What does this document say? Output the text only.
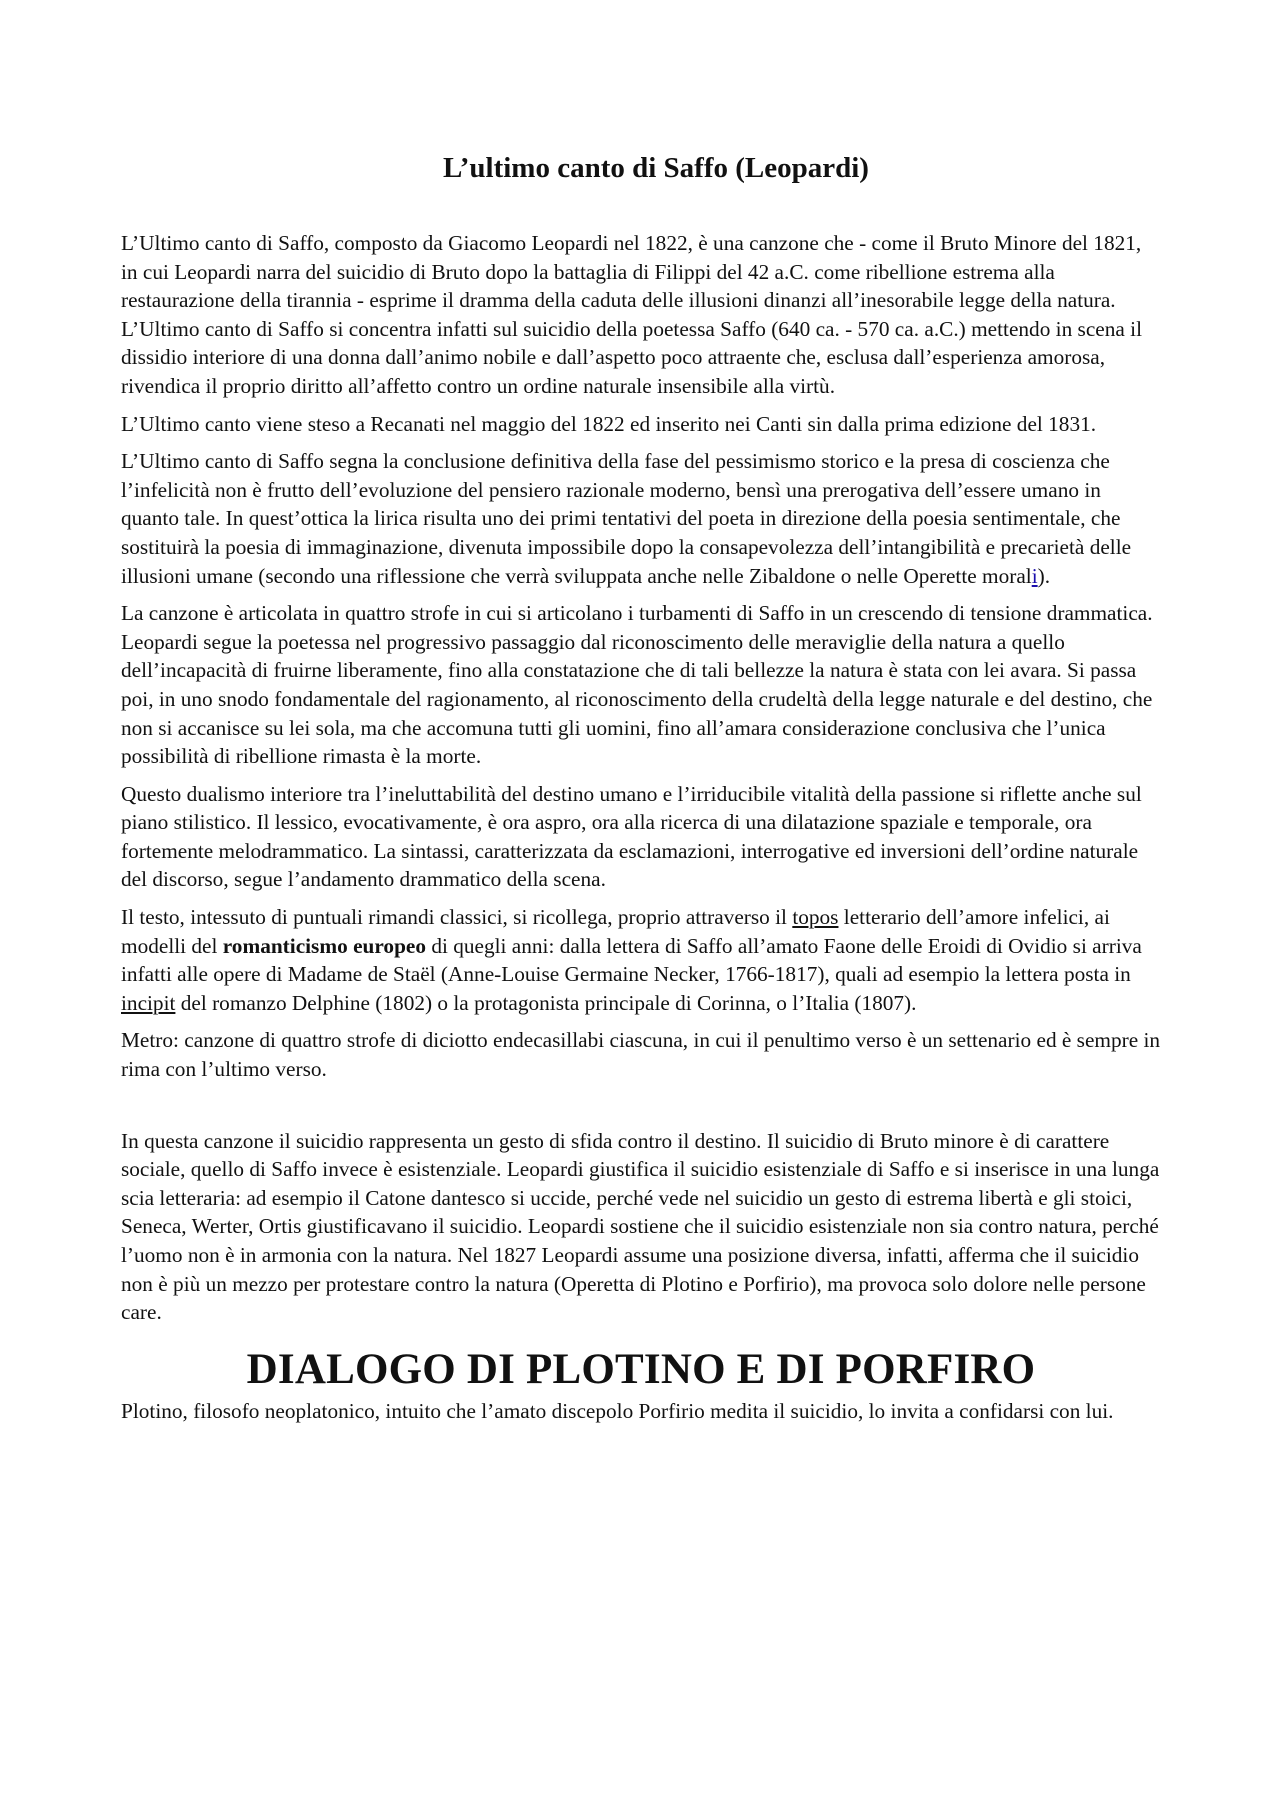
L’ultimo canto di Saffo (Leopardi)

L’Ultimo canto di Saffo, composto da Giacomo Leopardi nel 1822, è una canzone che - come il Bruto Minore del 1821, in cui Leopardi narra del suicidio di Bruto dopo la battaglia di Filippi del 42 a.C. come ribellione estrema alla restaurazione della tirannia - esprime il dramma della caduta delle illusioni dinanzi all’inesorabile legge della natura. L’Ultimo canto di Saffo si concentra infatti sul suicidio della poetessa Saffo (640 ca. - 570 ca. a.C.) mettendo in scena il dissidio interiore di una donna dall’animo nobile e dall’aspetto poco attraente che, esclusa dall’esperienza amorosa, rivendica il proprio diritto all’affetto contro un ordine naturale insensibile alla virtù.

L’Ultimo canto viene steso a Recanati nel maggio del 1822 ed inserito nei Canti sin dalla prima edizione del 1831.

L’Ultimo canto di Saffo segna la conclusione definitiva della fase del pessimismo storico e la presa di coscienza che l’infelicità non è frutto dell’evoluzione del pensiero razionale moderno, bensì una prerogativa dell’essere umano in quanto tale. In quest’ottica la lirica risulta uno dei primi tentativi del poeta in direzione della poesia sentimentale, che sostituirà la poesia di immaginazione, divenuta impossibile dopo la consapevolezza dell’intangibilità e precarietà delle illusioni umane (secondo una riflessione che verrà sviluppata anche nelle Zibaldone o nelle Operette morali).

La canzone è articolata in quattro strofe in cui si articolano i turbamenti di Saffo in un crescendo di tensione drammatica. Leopardi segue la poetessa nel progressivo passaggio dal riconoscimento delle meraviglie della natura a quello dell’incapacità di fruirne liberamente, fino alla constatazione che di tali bellezze la natura è stata con lei avara. Si passa poi, in uno snodo fondamentale del ragionamento, al riconoscimento della crudeltà della legge naturale e del destino, che non si accanisce su lei sola, ma che accomuna tutti gli uomini, fino all’amara considerazione conclusiva che l’unica possibilità di ribellione rimasta è la morte.

Questo dualismo interiore tra l’ineluttabilità del destino umano e l’irriducibile vitalità della passione si riflette anche sul piano stilistico. Il lessico, evocativamente, è ora aspro, ora alla ricerca di una dilatazione spaziale e temporale, ora fortemente melodrammatico. La sintassi, caratterizzata da esclamazioni, interrogative ed inversioni dell’ordine naturale del discorso, segue l’andamento drammatico della scena.

Il testo, intessuto di puntuali rimandi classici, si ricollega, proprio attraverso il topos letterario dell’amore infelici, ai modelli del romanticismo europeo di quegli anni: dalla lettera di Saffo all’amato Faone delle Eroidi di Ovidio si arriva infatti alle opere di Madame de Staël (Anne-Louise Germaine Necker, 1766-1817), quali ad esempio la lettera posta in incipit del romanzo Delphine (1802) o la protagonista principale di Corinna, o l’Italia (1807).

Metro: canzone di quattro strofe di diciotto endecasillabi ciascuna, in cui il penultimo verso è un settenario ed è sempre in rima con l’ultimo verso.

In questa canzone il suicidio rappresenta un gesto di sfida contro il destino. Il suicidio di Bruto minore è di carattere sociale, quello di Saffo invece è esistenziale. Leopardi giustifica il suicidio esistenziale di Saffo e si inserisce in una lunga scia letteraria: ad esempio il Catone dantesco si uccide, perché vede nel suicidio un gesto di estrema libertà e gli stoici, Seneca, Werter, Ortis giustificavano il suicidio. Leopardi sostiene che il suicidio esistenziale non sia contro natura, perché l’uomo non è in armonia con la natura. Nel 1827 Leopardi assume una posizione diversa, infatti, afferma che il suicidio non è più un mezzo per protestare contro la natura (Operetta di Plotino e Porfirio), ma provoca solo dolore nelle persone care.

DIALOGO DI PLOTINO E DI PORFIRO

Plotino, filosofo neoplatonico, intuito che l’amato discepolo Porfirio medita il suicidio, lo invita a confidarsi con lui.
